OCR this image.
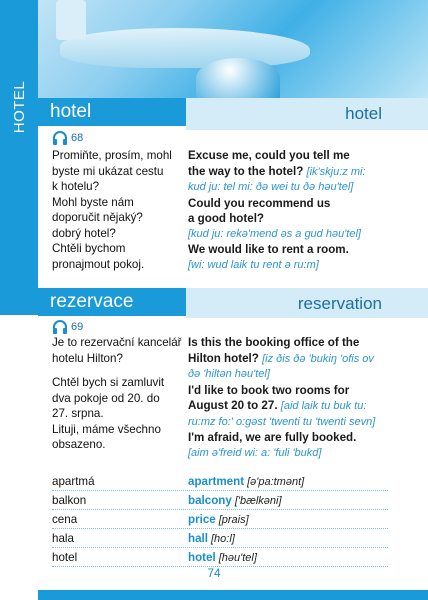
HOTEL	hotel	hotel
68
Promiňte, prosím, mohl
byste mi ukázat cestu
k hotelu?
Mohl byste nám
doporučit nějaký?
dobrý hotel?
Chtěli bychom
pronajmout pokoj.
Excuse me, could you tell me
the way to the hotel? [ik'skju:z mi:
kud ju: tel mi: ðə wei tu ðə həu'tel]
Could you recommend us
a good hotel?
[kud ju: rekə'mend əs a gud həu'tel]
We would like to rent a room.
[wi: wud laik tu rent ə ru:m]
rezervace	reservation
69
Je to rezervační kancelář
hotelu Hilton?
Chtěl bych si zamluvit
dva pokoje od 20. do
27. srpna.
Lituji, máme všechno
obsazeno.
Is this the booking office of the
Hilton hotel? [iz ðis ðə 'bukiŋ 'ofis ov
ðə 'hiltən həu'tel]
I'd like to book two rooms for
August 20 to 27. [aid laik tu buk tu:
ru:mz fo:' o:gəst 'twenti tu 'twenti sevn]
I'm afraid, we are fully booked.
[aim ə'freid wi: a: 'fuli 'bukd]
apartmá	apartment [ə'pa:tmənt]
balkon	balcony ['bælkəni]
cena	price [prais]
hala	hall [ho:l]
hotel	hotel [həu'tel]
74
